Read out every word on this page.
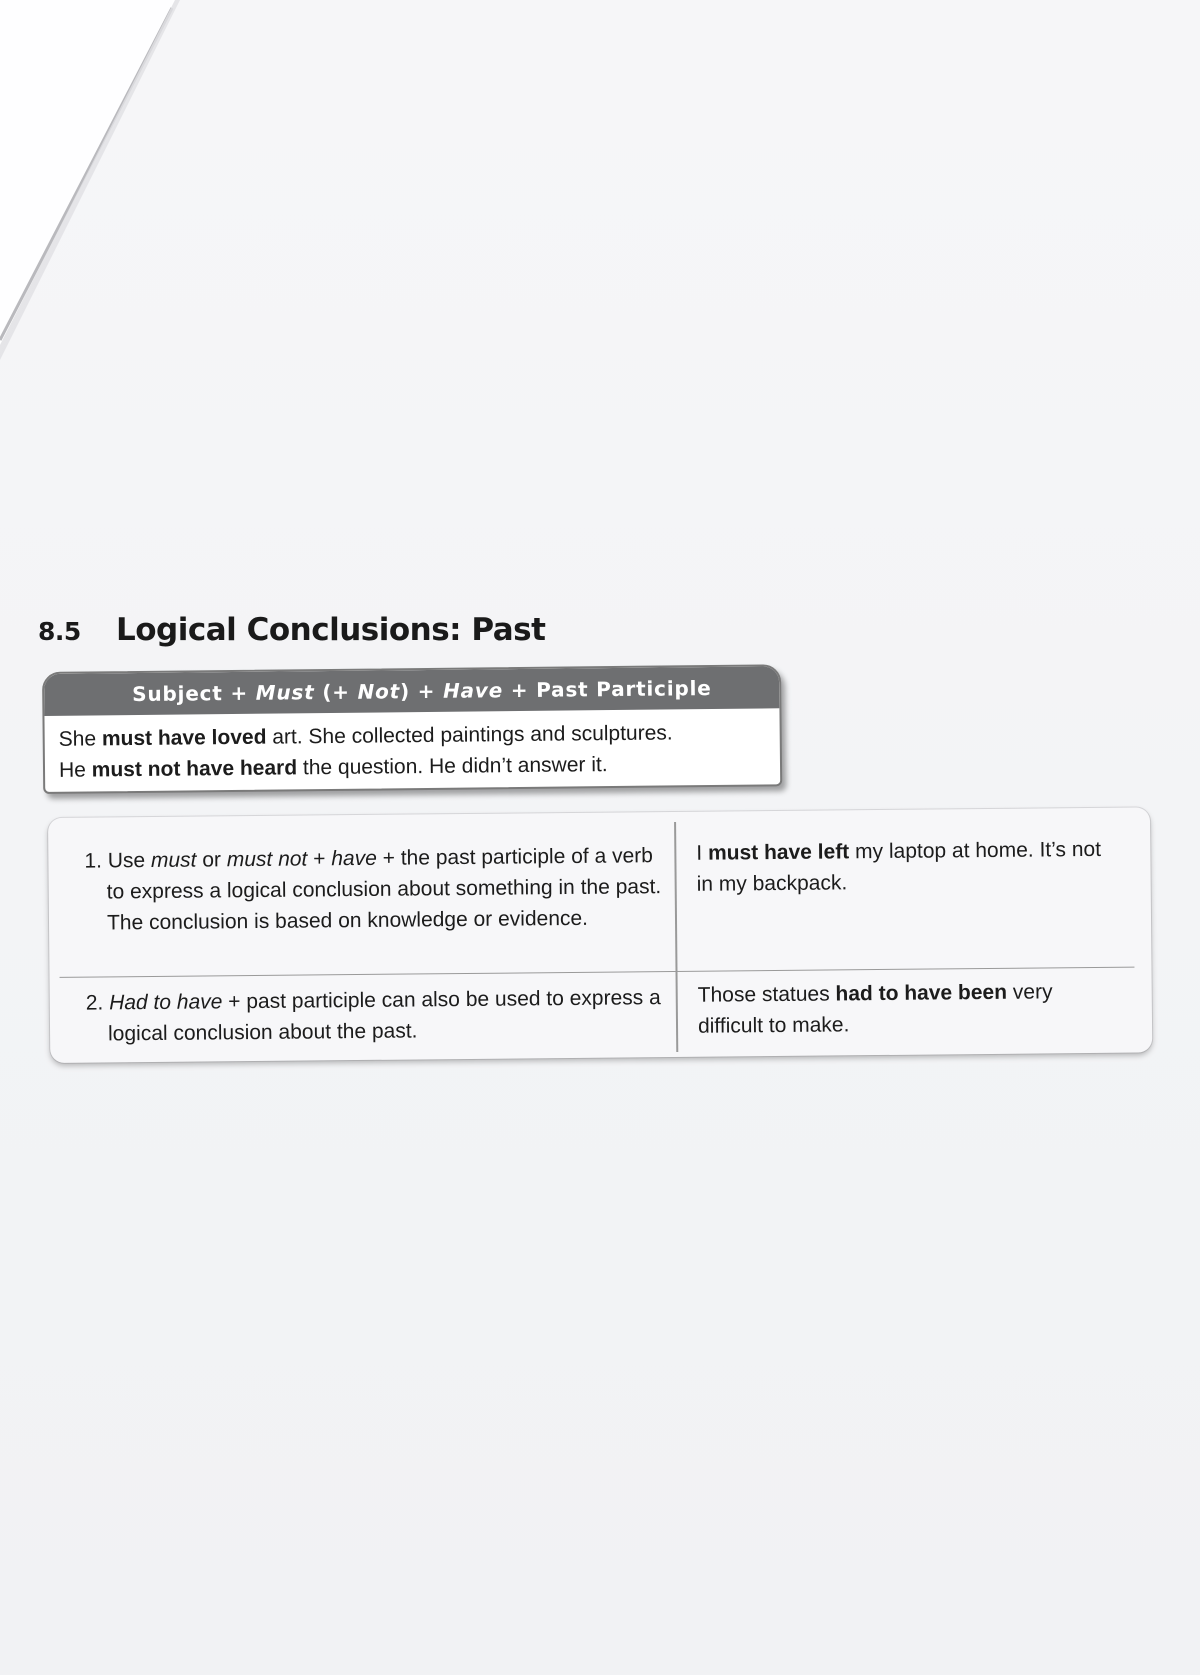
8.5 Logical Conclusions: Past
Subject + Must (+ Not) + Have + Past Participle
She must have loved art. She collected paintings and sculptures.
He must not have heard the question. He didn’t answer it.
1. Use must or must not + have + the past participle of a verb to express a logical conclusion about something in the past. The conclusion is based on knowledge or evidence.
I must have left my laptop at home. It’s not in my backpack.
2. Had to have + past participle can also be used to express a logical conclusion about the past.
Those statues had to have been very difficult to make.
